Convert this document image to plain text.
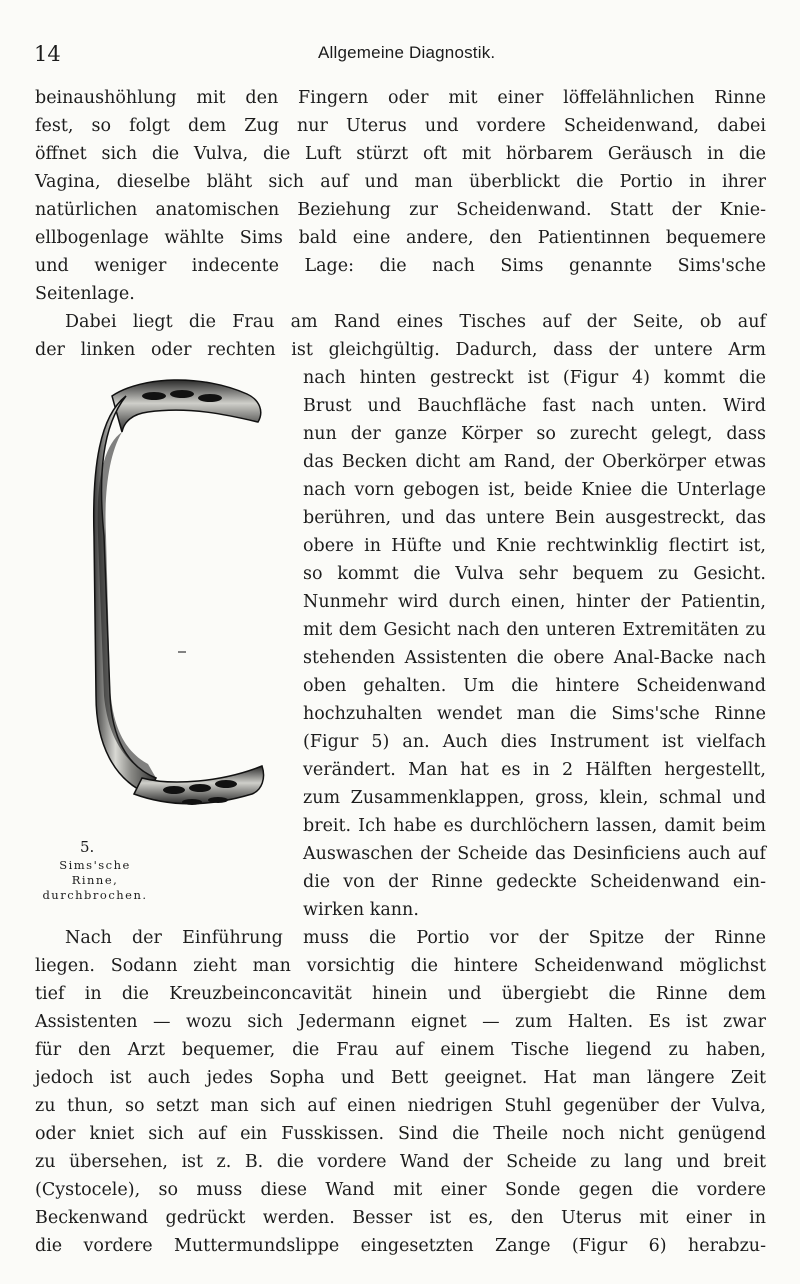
14	Allgemeine Diagnostik.
beinaushöhlung mit den Fingern oder mit einer löffelähnlichen Rinne
fest, so folgt dem Zug nur Uterus und vordere Scheidenwand, dabei
öffnet sich die Vulva, die Luft stürzt oft mit hörbarem Geräusch in die
Vagina, dieselbe bläht sich auf und man überblickt die Portio in ihrer
natürlichen anatomischen Beziehung zur Scheidenwand. Statt der Knie-
ellbogenlage wählte Sims bald eine andere, den Patientinnen bequemere
und weniger indecente Lage: die nach Sims genannte Sims'sche
Seitenlage.
Dabei liegt die Frau am Rand eines Tisches auf der Seite, ob auf
der linken oder rechten ist gleichgültig. Dadurch, dass der untere Arm
nach hinten gestreckt ist (Figur 4) kommt die
Brust und Bauchfläche fast nach unten. Wird
nun der ganze Körper so zurecht gelegt, dass
das Becken dicht am Rand, der Oberkörper etwas
nach vorn gebogen ist, beide Kniee die Unterlage
berühren, und das untere Bein ausgestreckt, das
obere in Hüfte und Knie rechtwinklig flectirt ist,
so kommt die Vulva sehr bequem zu Gesicht.
Nunmehr wird durch einen, hinter der Patientin,
mit dem Gesicht nach den unteren Extremitäten zu
stehenden Assistenten die obere Anal-Backe nach
oben gehalten. Um die hintere Scheidenwand
hochzuhalten wendet man die Sims'sche Rinne
(Figur 5) an. Auch dies Instrument ist vielfach
verändert. Man hat es in 2 Hälften hergestellt,
zum Zusammenklappen, gross, klein, schmal und
breit. Ich habe es durchlöchern lassen, damit beim
Auswaschen der Scheide das Desinficiens auch auf
die von der Rinne gedeckte Scheidenwand ein-
wirken kann.
Nach der Einführung muss die Portio vor der Spitze der Rinne
liegen. Sodann zieht man vorsichtig die hintere Scheidenwand möglichst
tief in die Kreuzbeinconcavität hinein und übergiebt die Rinne dem
Assistenten — wozu sich Jedermann eignet — zum Halten. Es ist zwar
für den Arzt bequemer, die Frau auf einem Tische liegend zu haben,
jedoch ist auch jedes Sopha und Bett geeignet. Hat man längere Zeit
zu thun, so setzt man sich auf einen niedrigen Stuhl gegenüber der Vulva,
oder kniet sich auf ein Fusskissen. Sind die Theile noch nicht genügend
zu übersehen, ist z. B. die vordere Wand der Scheide zu lang und breit
(Cystocele), so muss diese Wand mit einer Sonde gegen die vordere
Beckenwand gedrückt werden. Besser ist es, den Uterus mit einer in
die vordere Muttermundslippe eingesetzten Zange (Figur 6) herabzu-
5.
Sims'sche Rinne,
durchbrochen.
